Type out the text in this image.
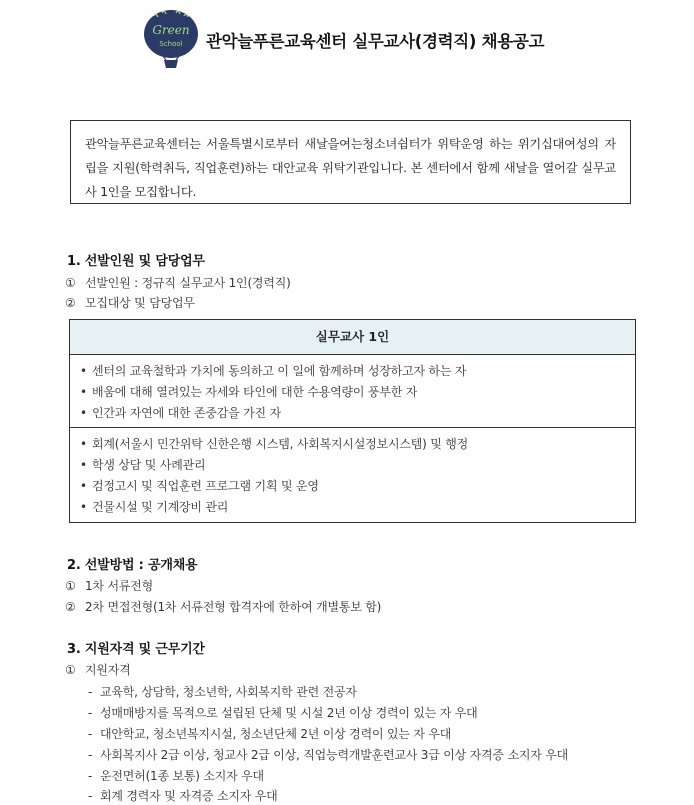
Green
School 관악늘푸른교육센터 실무교사(경력직) 채용공고
관악늘푸른교육센터는 서울특별시로부터 새날을여는청소녀쉼터가 위탁운영 하는 위기십대여성의 자립을 지원(학력취득, 직업훈련)하는 대안교육 위탁기관입니다. 본 센터에서 함께 새날을 열어갈 실무교사 1인을 모집합니다.
1. 선발인원 및 담당업무
① 선발인원 : 정규직 실무교사 1인(경력직)
② 모집대상 및 담당업무
실무교사 1인
• 센터의 교육철학과 가치에 동의하고 이 일에 함께하며 성장하고자 하는 자
• 배움에 대해 열려있는 자세와 타인에 대한 수용역량이 풍부한 자
• 인간과 자연에 대한 존중감을 가진 자
• 회계(서울시 민간위탁 신한은행 시스템, 사회복지시설정보시스템) 및 행정
• 학생 상담 및 사례관리
• 검정고시 및 직업훈련 프로그램 기획 및 운영
• 건물시설 및 기계장비 관리
2. 선발방법 : 공개채용
① 1차 서류전형
② 2차 면접전형(1차 서류전형 합격자에 한하여 개별통보 함)
3. 지원자격 및 근무기간
① 지원자격
- 교육학, 상담학, 청소년학, 사회복지학 관련 전공자
- 성매매방지를 목적으로 설립된 단체 및 시설 2년 이상 경력이 있는 자 우대
- 대안학교, 청소년복지시설, 청소년단체 2년 이상 경력이 있는 자 우대
- 사회복지사 2급 이상, 청교사 2급 이상, 직업능력개발훈련교사 3급 이상 자격증 소지자 우대
- 운전면허(1종 보통) 소지자 우대
- 회계 경력자 및 자격증 소지자 우대
